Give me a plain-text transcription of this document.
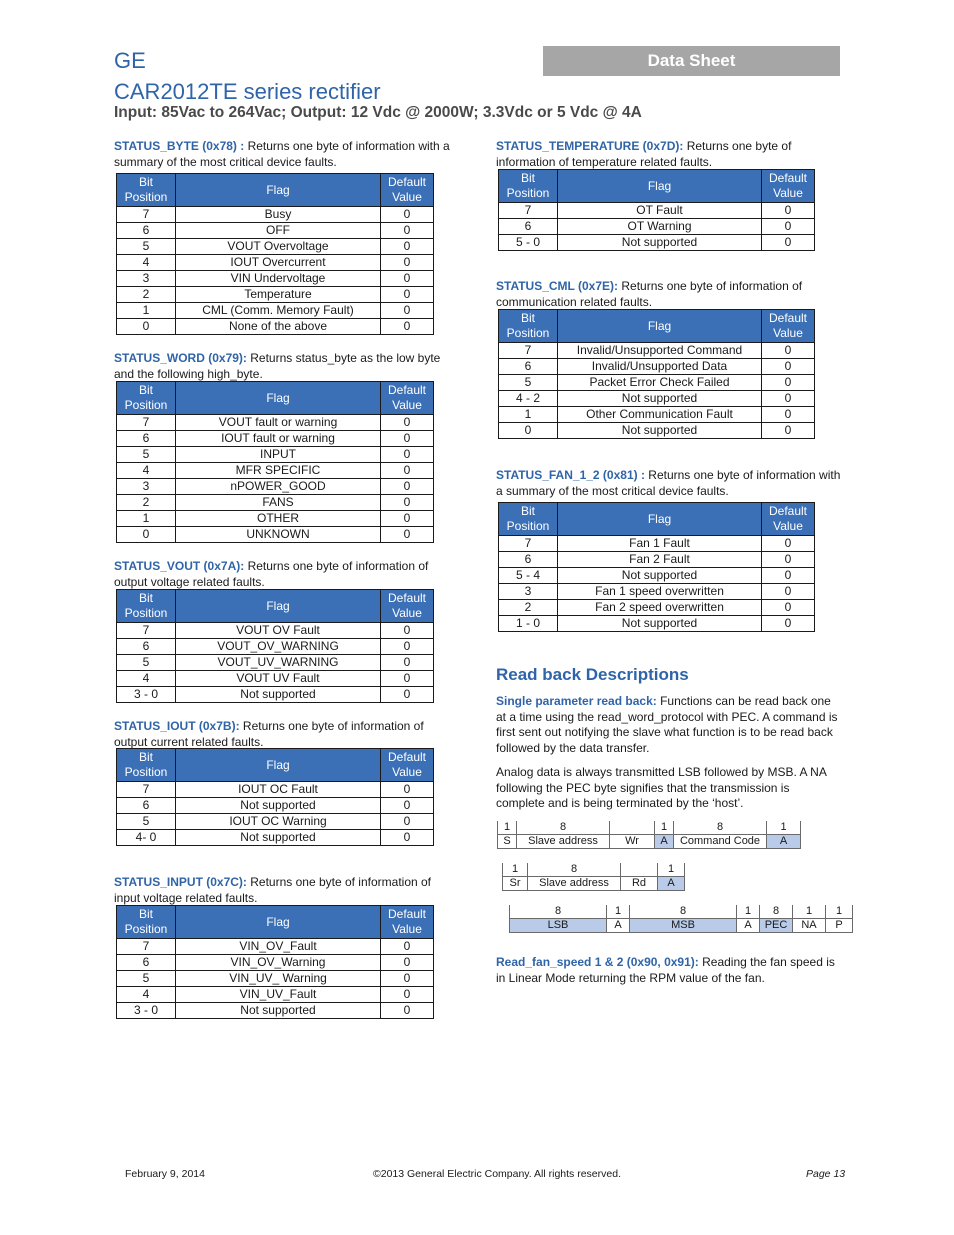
GE	Data Sheet
CAR2012TE series rectifier
Input: 85Vac to 264Vac; Output: 12 Vdc @ 2000W; 3.3Vdc or 5 Vdc @ 4A
STATUS_BYTE (0x78) : Returns one byte of information with a summary of the most critical device faults.
Bit Position	Flag	Default Value
7	Busy	0
6	OFF	0
5	VOUT Overvoltage	0
4	IOUT Overcurrent	0
3	VIN Undervoltage	0
2	Temperature	0
1	CML (Comm. Memory Fault)	0
0	None of the above	0
STATUS_WORD (0x79): Returns status_byte as the low byte and the following high_byte.
Bit Position	Flag	Default Value
7	VOUT fault or warning	0
6	IOUT fault or warning	0
5	INPUT	0
4	MFR SPECIFIC	0
3	nPOWER_GOOD	0
2	FANS	0
1	OTHER	0
0	UNKNOWN	0
STATUS_VOUT (0x7A): Returns one byte of information of output voltage related faults.
Bit Position	Flag	Default Value
7	VOUT OV Fault	0
6	VOUT_OV_WARNING	0
5	VOUT_UV_WARNING	0
4	VOUT UV Fault	0
3 - 0	Not supported	0
STATUS_IOUT (0x7B): Returns one byte of information of output current related faults.
Bit Position	Flag	Default Value
7	IOUT OC Fault	0
6	Not supported	0
5	IOUT OC Warning	0
4- 0	Not supported	0
STATUS_INPUT (0x7C): Returns one byte of information of input voltage related faults.
Bit Position	Flag	Default Value
7	VIN_OV_Fault	0
6	VIN_OV_Warning	0
5	VIN_UV_ Warning	0
4	VIN_UV_Fault	0
3 - 0	Not supported	0
STATUS_TEMPERATURE (0x7D): Returns one byte of information of temperature related faults.
Bit Position	Flag	Default Value
7	OT Fault	0
6	OT Warning	0
5 - 0	Not supported	0
STATUS_CML (0x7E): Returns one byte of information of communication related faults.
Bit Position	Flag	Default Value
7	Invalid/Unsupported Command	0
6	Invalid/Unsupported Data	0
5	Packet Error Check Failed	0
4 - 2	Not supported	0
1	Other Communication Fault	0
0	Not supported	0
STATUS_FAN_1_2 (0x81) : Returns one byte of information with a summary of the most critical device faults.
Bit Position	Flag	Default Value
7	Fan 1 Fault	0
6	Fan 2 Fault	0
5 - 4	Not supported	0
3	Fan 1 speed overwritten	0
2	Fan 2 speed overwritten	0
1 - 0	Not supported	0
Read back Descriptions
Single parameter read back: Functions can be read back one at a time using the read_word_protocol with PEC. A command is first sent out notifying the slave what function is to be read back followed by the data transfer.
Analog data is always transmitted LSB followed by MSB. A NA following the PEC byte signifies that the transmission is complete and is being terminated by the ‘host’.
1	8		1	8	1
S	Slave address	Wr	A	Command Code	A
1	8		1
Sr	Slave address	Rd	A
8	1	8	1	8	1	1
LSB	A	MSB	A	PEC	NA	P
Read_fan_speed 1 & 2 (0x90, 0x91): Reading the fan speed is in Linear Mode returning the RPM value of the fan.
February 9, 2014	©2013 General Electric Company. All rights reserved.	Page 13
